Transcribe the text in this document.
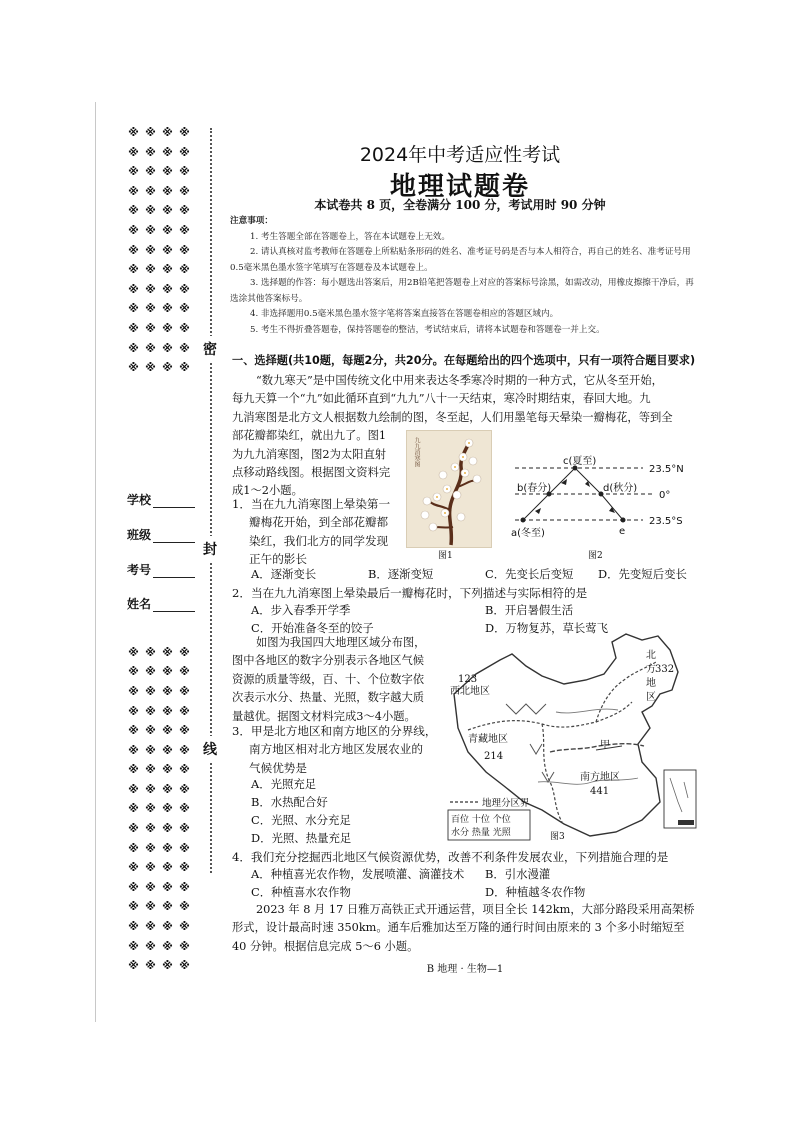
※ ※ ※ ※
※ ※ ※ ※
※ ※ ※ ※
※ ※ ※ ※
※ ※ ※ ※
※ ※ ※ ※
※ ※ ※ ※
※ ※ ※ ※
※ ※ ※ ※
※ ※ ※ ※
※ ※ ※ ※
※ ※ ※ ※
※ ※ ※ ※
※ ※ ※ ※
※ ※ ※ ※
※ ※ ※ ※
※ ※ ※ ※
※ ※ ※ ※
※ ※ ※ ※
※ ※ ※ ※
※ ※ ※ ※
※ ※ ※ ※
※ ※ ※ ※
※ ※ ※ ※
※ ※ ※ ※
※ ※ ※ ※
※ ※ ※ ※
※ ※ ※ ※
※ ※ ※ ※
※ ※ ※ ※
学校
班级
考号
姓名
密
封
线
2024年中考适应性考试
地理试题卷
本试卷共 8 页，全卷满分 100 分，考试用时 90 分钟
注意事项：
1. 考生答题全部在答题卷上，答在本试题卷上无效。
2. 请认真核对监考教师在答题卷上所粘贴条形码的姓名、准考证号码是否与本人相符合，再自己的姓名、准考证号用0.5毫米黑色墨水签字笔填写在答题卷及本试题卷上。
3. 选择题的作答：每小题选出答案后，用2B铅笔把答题卷上对应的答案标号涂黑，如需改动，用橡皮擦擦干净后，再选涂其他答案标号。
4. 非选择题用0.5毫米黑色墨水签字笔将答案直接答在答题卷相应的答题区域内。
5. 考生不得折叠答题卷，保持答题卷的整洁，考试结束后，请将本试题卷和答题卷一并上交。
一、选择题(共10题，每题2分，共20分。在每题给出的四个选项中，只有一项符合题目要求)
“数九寒天”是中国传统文化中用来表达冬季寒冷时期的一种方式，它从冬至开始，
每九天算一个“九”如此循环直到“九九”八十一天结束，寒冷时期结束，春回大地。九
九消寒图是北方文人根据数九绘制的图，冬至起，人们用墨笔每天晕染一瓣梅花，等到全
部花瓣都染红，就出九了。图1
为九九消寒图，图2为太阳直射
点移动路线图。根据图文资料完
成1～2小题。
九九消寒图
图1
c(夏至)
b(春分)	d(秋分)
a(冬至)	e
23.5°N
0°
23.5°S
图2
1．当在九九消寒图上晕染第一
瓣梅花开始，到全部花瓣都
染红，我们北方的同学发现
正午的影长
A．逐渐变长	B．逐渐变短	C．先变长后变短 D．先变短后变长
2．当在九九消寒图上晕染最后一瓣梅花时，下列描述与实际相符的是
A．步入春季开学季	B．开启暑假生活
C．开始准备冬至的饺子	D．万物复苏，草长莺飞
如图为我国四大地理区域分布图，
图中各地区的数字分别表示各地区气候
资源的质量等级，百、十、个位数字依
次表示水分、热量、光照，数字越大质
量越优。据图文材料完成3～4小题。
北
方 332
地
区
123
西北地区
青藏地区
214
南方地区
441
甲
地理分区界
百位 十位 个位
水分 热量 光照	图3
3．甲是北方地区和南方地区的分界线，
南方地区相对北方地区发展农业的
气候优势是
A．光照充足
B．水热配合好
C．光照、水分充足
D．光照、热量充足
4．我们充分挖掘西北地区气候资源优势，改善不利条件发展农业，下列措施合理的是
A．种植喜光农作物，发展喷灌、滴灌技术 B．引水漫灌
C．种植喜水农作物	D．种植越冬农作物
2023 年 8 月 17 日雅万高铁正式开通运营，项目全长 142km，大部分路段采用高架桥
形式，设计最高时速 350km。通车后雅加达至万隆的通行时间由原来的 3 个多小时缩短至
40 分钟。根据信息完成 5～6 小题。
B 地理 · 生物—1
